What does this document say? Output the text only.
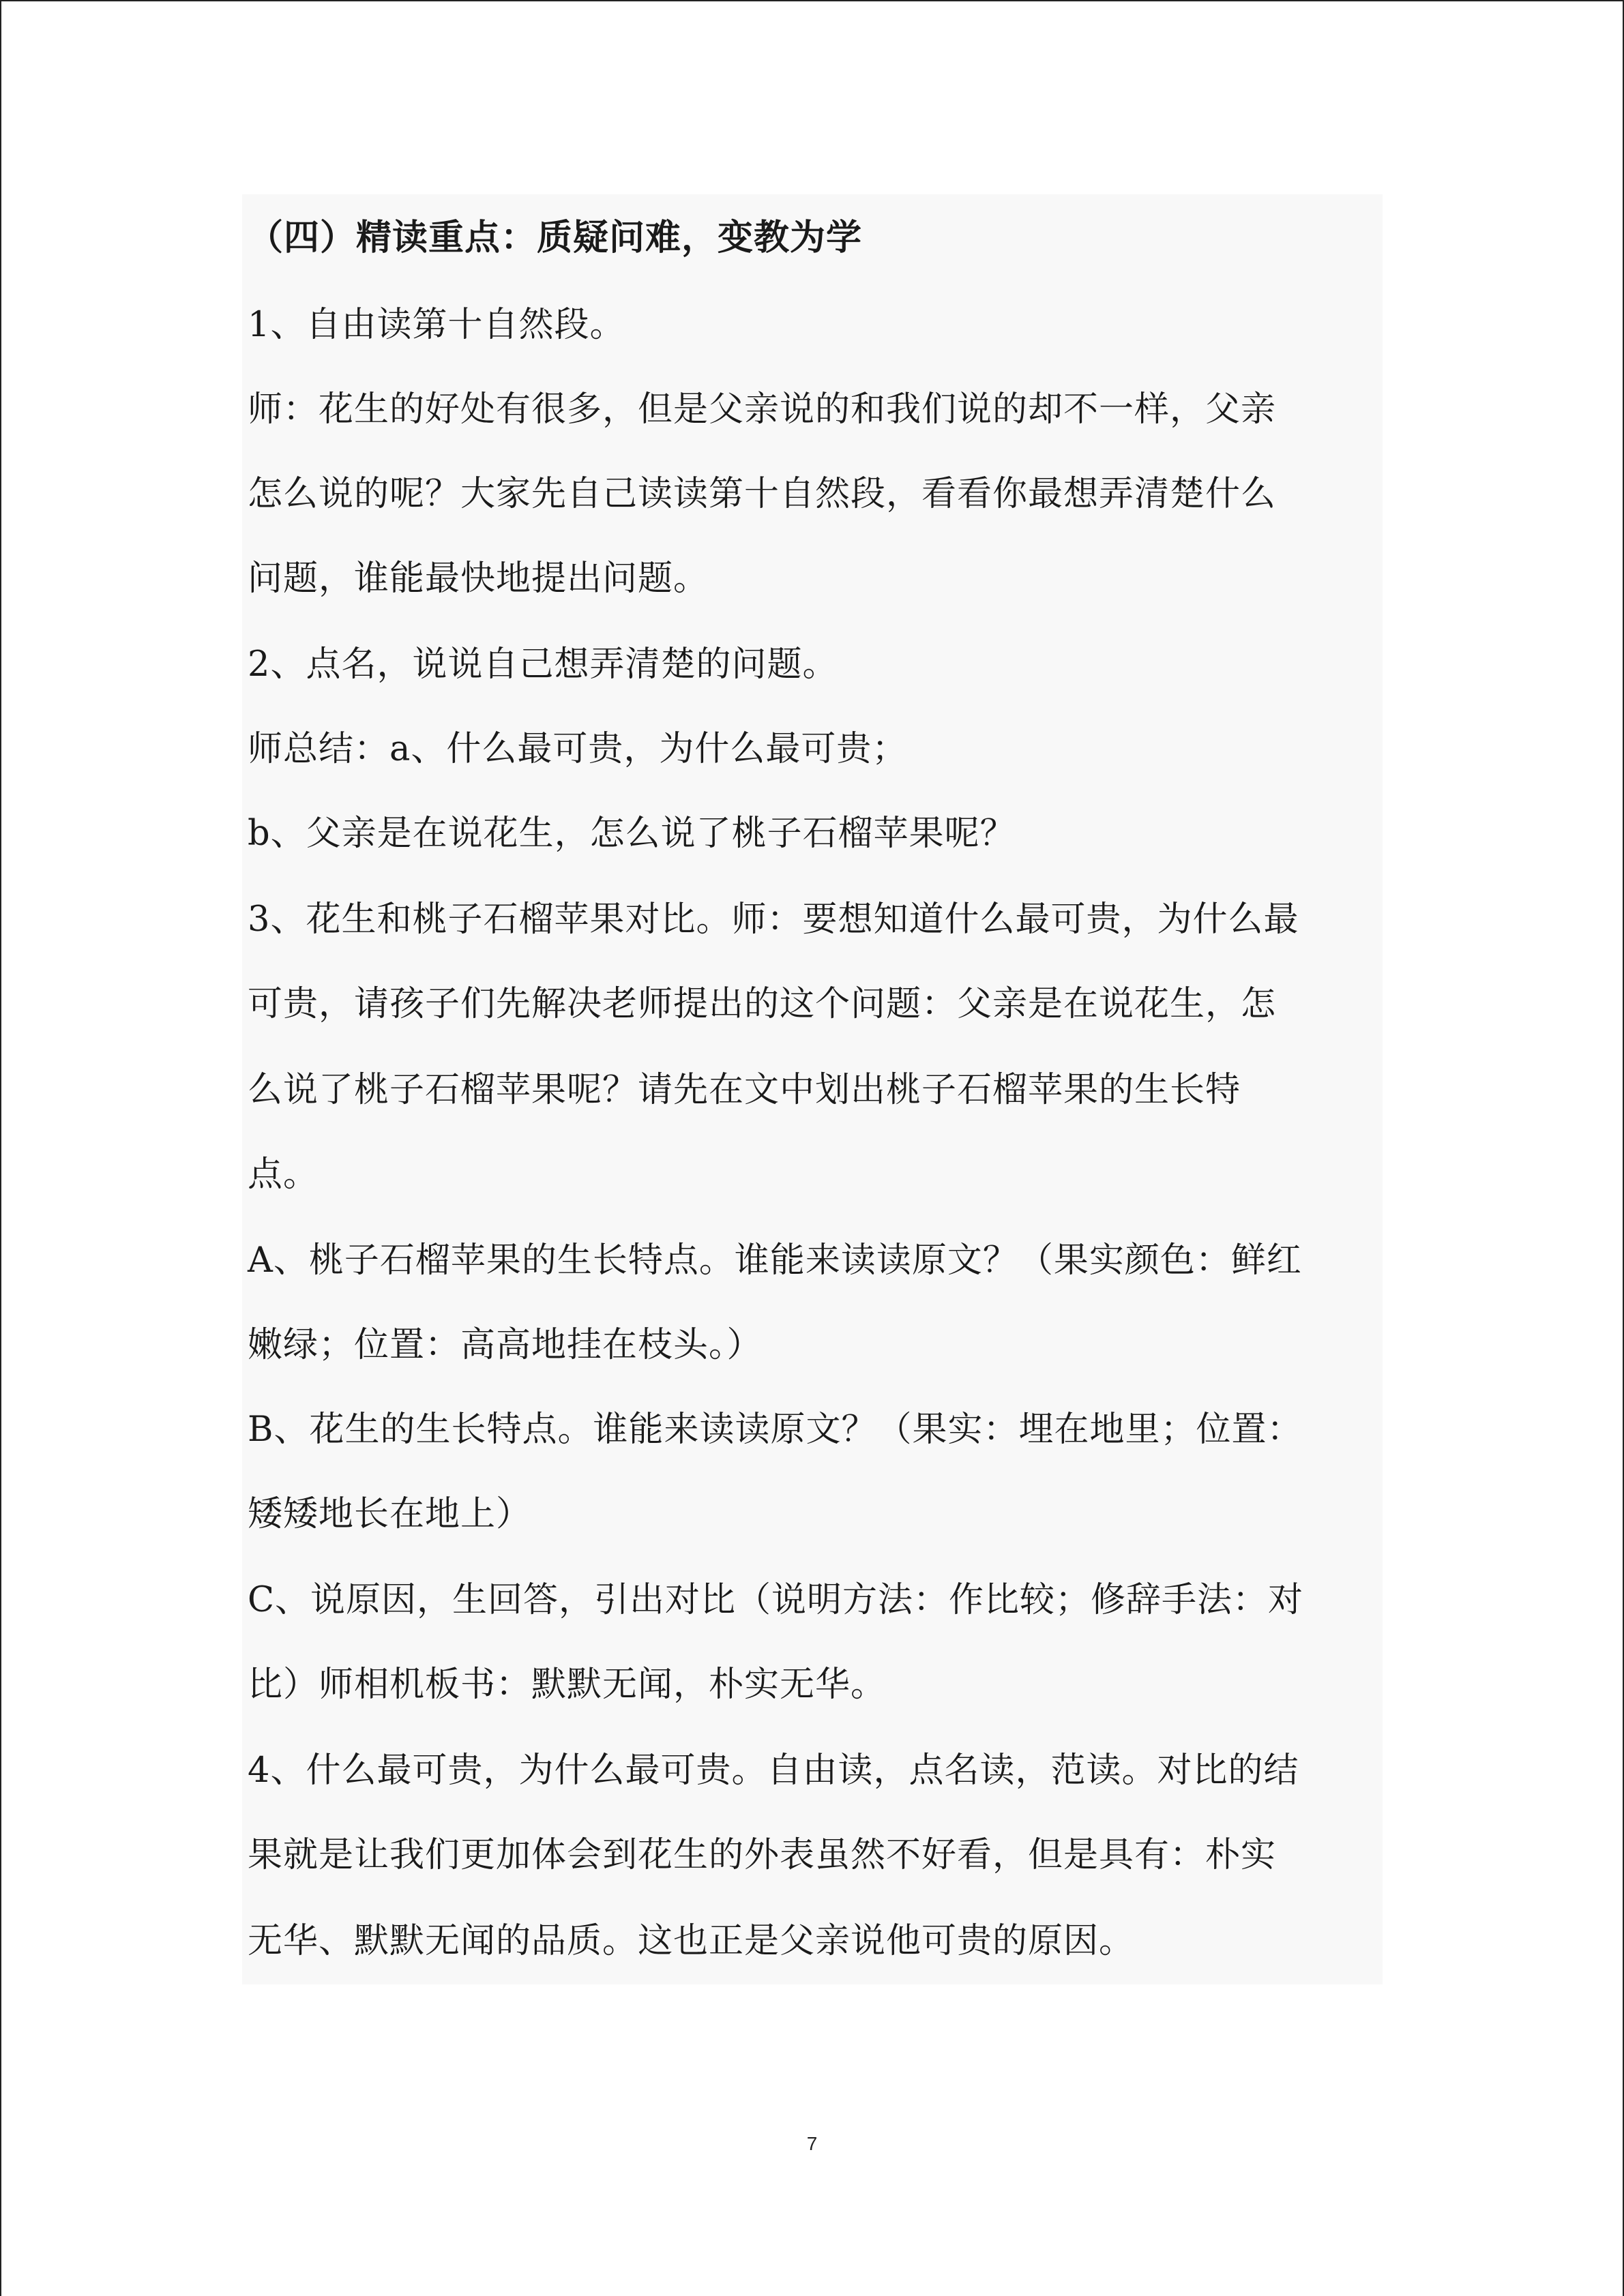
（四）精读重点：质疑问难，变教为学
1、自由读第十自然段。
师：花生的好处有很多，但是父亲说的和我们说的却不一样，父亲
怎么说的呢？大家先自己读读第十自然段，看看你最想弄清楚什么
问题，谁能最快地提出问题。
2、点名，说说自己想弄清楚的问题。
师总结：a、什么最可贵，为什么最可贵；
b、父亲是在说花生，怎么说了桃子石榴苹果呢？
3、花生和桃子石榴苹果对比。师：要想知道什么最可贵，为什么最
可贵，请孩子们先解决老师提出的这个问题：父亲是在说花生，怎
么说了桃子石榴苹果呢？请先在文中划出桃子石榴苹果的生长特
点。
A、桃子石榴苹果的生长特点。谁能来读读原文？（果实颜色：鲜红
嫩绿；位置：高高地挂在枝头。）
B、花生的生长特点。谁能来读读原文？（果实：埋在地里；位置：
矮矮地长在地上）
C、说原因，生回答，引出对比（说明方法：作比较；修辞手法：对
比）师相机板书：默默无闻，朴实无华。
4、什么最可贵，为什么最可贵。自由读，点名读，范读。对比的结
果就是让我们更加体会到花生的外表虽然不好看，但是具有：朴实
无华、默默无闻的品质。这也正是父亲说他可贵的原因。
7
